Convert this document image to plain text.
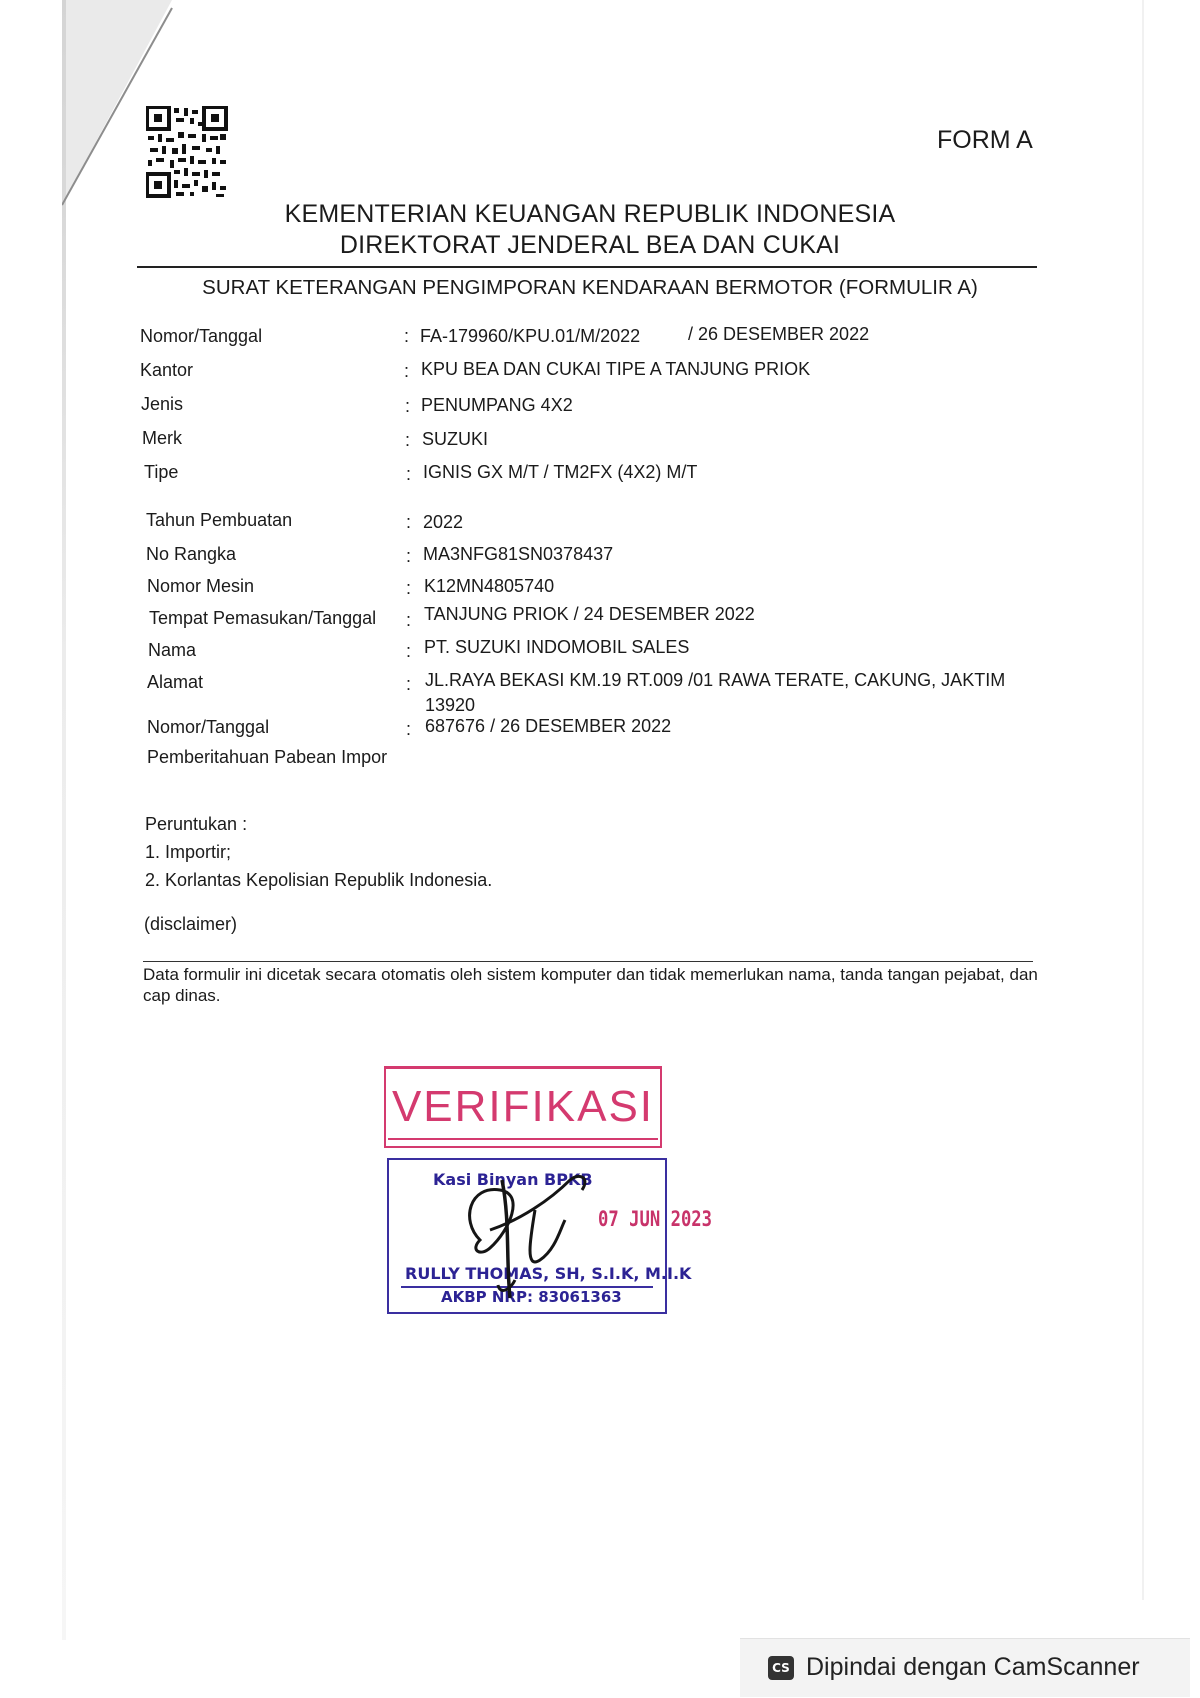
FORM A
KEMENTERIAN KEUANGAN REPUBLIK INDONESIA
DIREKTORAT JENDERAL BEA DAN CUKAI
SURAT KETERANGAN PENGIMPORAN KENDARAAN BERMOTOR (FORMULIR A)
Nomor/Tanggal	: FA-179960/KPU.01/M/2022	/ 26 DESEMBER 2022
Kantor	: KPU BEA DAN CUKAI TIPE A TANJUNG PRIOK
Jenis	: PENUMPANG 4X2
Merk	: SUZUKI
Tipe	: IGNIS GX M/T / TM2FX (4X2) M/T
Tahun Pembuatan	: 2022
No Rangka	: MA3NFG81SN0378437
Nomor Mesin	: K12MN4805740
Tempat Pemasukan/Tanggal : TANJUNG PRIOK / 24 DESEMBER 2022
Nama	: PT. SUZUKI INDOMOBIL SALES
Alamat	: JL.RAYA BEKASI KM.19 RT.009 /01 RAWA TERATE, CAKUNG, JAKTIM 13920
Nomor/Tanggal
Pemberitahuan Pabean Impor
: 687676 / 26 DESEMBER 2022
Peruntukan :
1. Importir;
2. Korlantas Kepolisian Republik Indonesia.
(disclaimer)
Data formulir ini dicetak secara otomatis oleh sistem komputer dan tidak memerlukan nama, tanda tangan pejabat, dan cap dinas.
VERIFIKASI
Kasi Binyan BPKB
RULLY THOMAS, SH, S.I.K, M.I.K
AKBP NRP: 83061363
07 JUN 2023
CS Dipindai dengan CamScanner
